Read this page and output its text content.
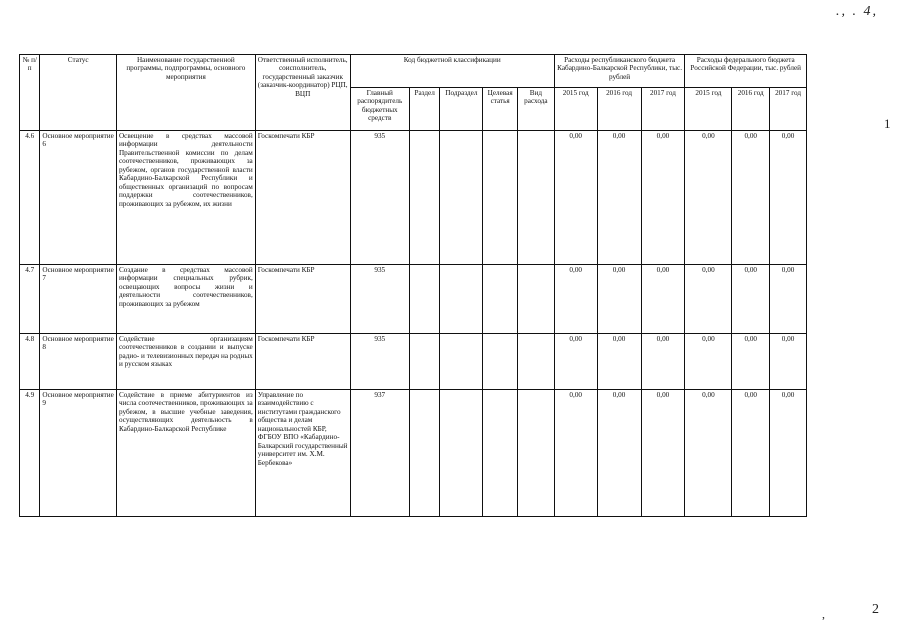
., . 4,
1
2
,
№ п/п	Статус	Наименование государственной программы, подпрограммы, основного мероприятия	Ответственный исполнитель, соисполнитель, государственный заказчик (заказчик-координатор) РЦП, ВЦП	Код бюджетной классификации					Расходы республиканского бюджета Кабардино-Балкарской Республики, тыс. рублей			Расходы федерального бюджета Российской Федерации, тыс. рублей		
				Главный распорядитель бюджетных средств	Раздел	Подраздел	Целевая статья	Вид расхода	2015 год	2016 год	2017 год	2015 год	2016 год	2017 год
4.6	Основное мероприятие 6	Освещение в средствах массовой информации деятельности Правительственной комиссии по делам соотечественников, проживающих за рубежом, органов государственной власти Кабардино-Балкарской Республики и общественных организаций по вопросам поддержки соотечественников, проживающих за рубежом, их жизни	Госкомпечати КБР	935					0,00	0,00	0,00	0,00	0,00	0,00
4.7	Основное мероприятие 7	Создание в средствах массовой информации специальных рубрик, освещающих вопросы жизни и деятельности соотечественников, проживающих за рубежом	Госкомпечати КБР	935					0,00	0,00	0,00	0,00	0,00	0,00
4.8	Основное мероприятие 8	Содействие организациям соотечественников в создании и выпуске радио- и телевизионных передач на родных и русском языках	Госкомпечати КБР	935					0,00	0,00	0,00	0,00	0,00	0,00
4.9	Основное мероприятие 9	Содействие в приеме абитуриентов из числа соотечественников, проживающих за рубежом, в высшие учебные заведения, осуществляющих деятельность в Кабардино-Балкарской Республике	Управление по взаимодействию с институтами гражданского общества и делам национальностей КБР, ФГБОУ ВПО «Кабардино-Балкарский государственный университет им. Х.М. Бербекова»	937					0,00	0,00	0,00	0,00	0,00	0,00
